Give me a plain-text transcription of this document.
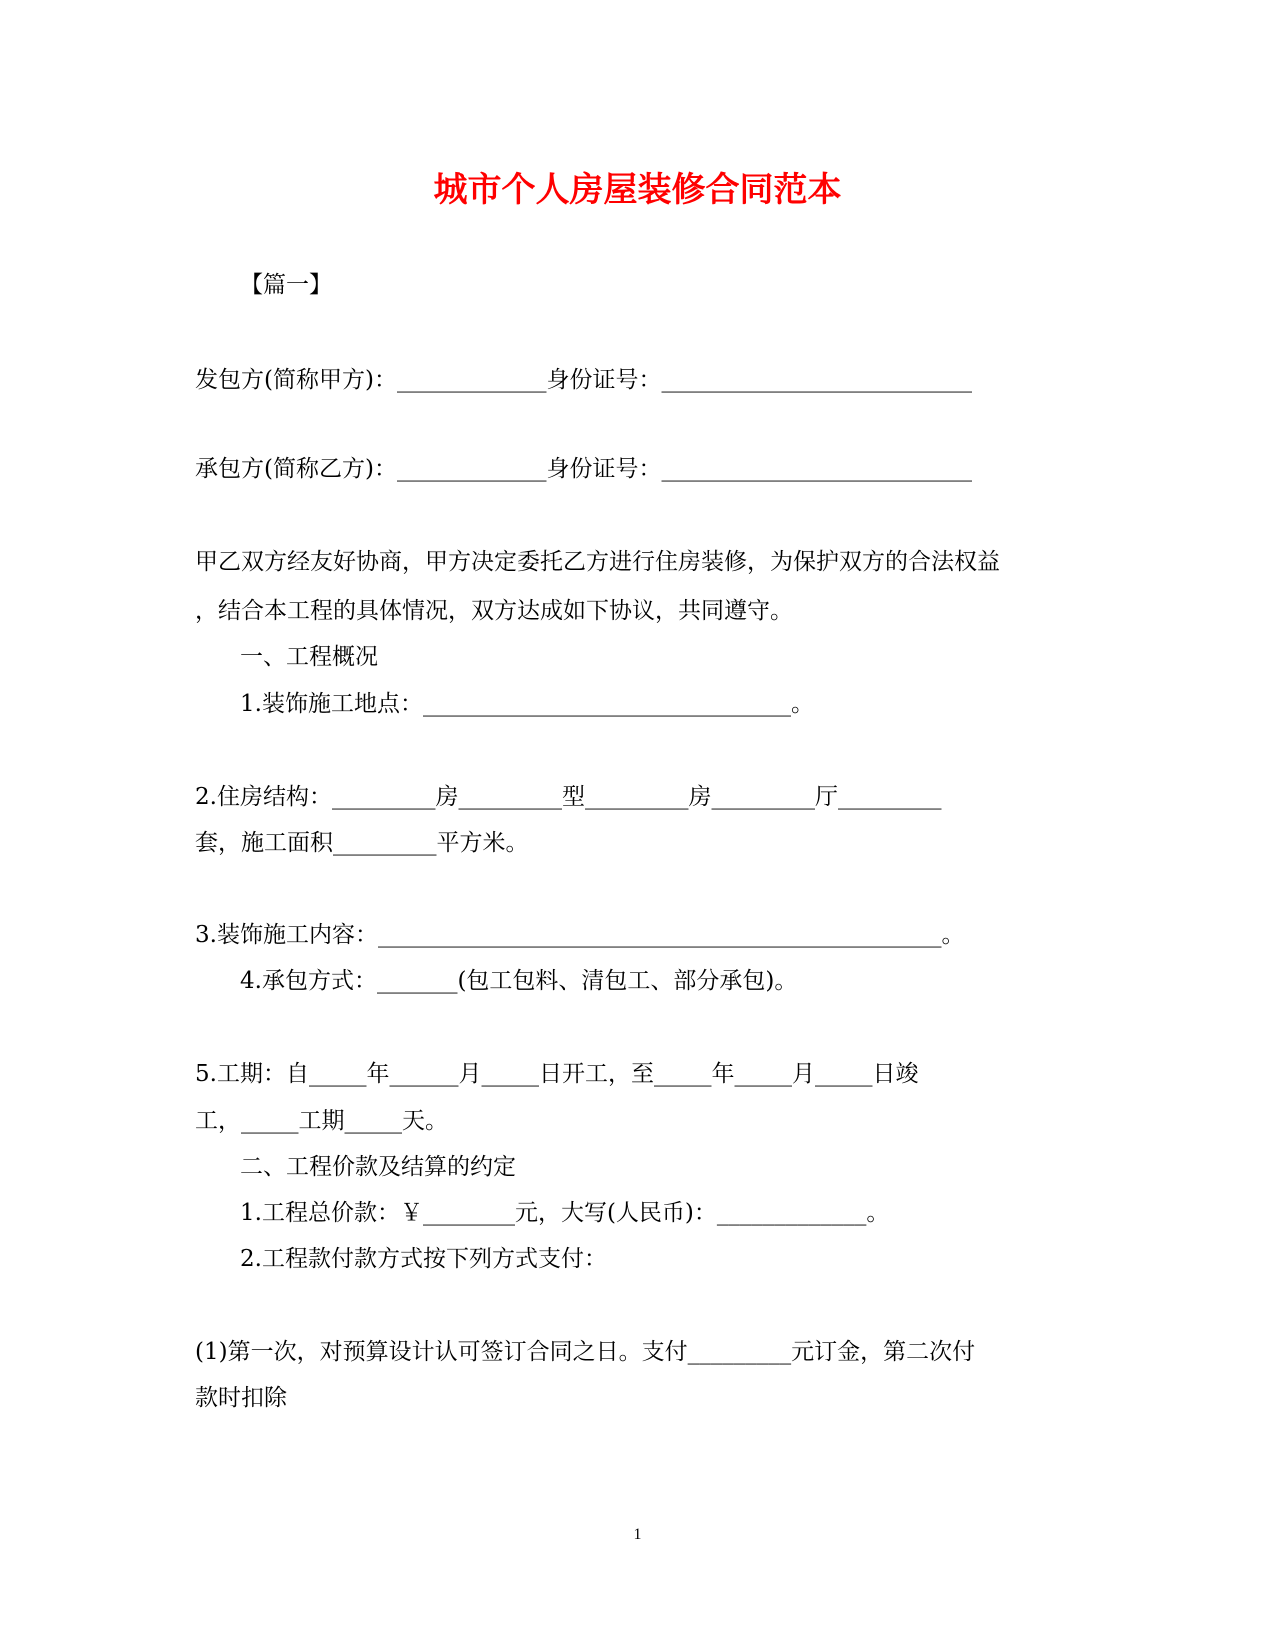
城市个人房屋装修合同范本
【篇一】
发包方(简称甲方)：_____________身份证号：___________________________
承包方(简称乙方)：_____________身份证号：___________________________
甲乙双方经友好协商，甲方决定委托乙方进行住房装修，为保护双方的合法权益
，结合本工程的具体情况，双方达成如下协议，共同遵守。
一、工程概况
1.装饰施工地点：________________________________。
2.住房结构：_________房_________型_________房_________厅_________
套，施工面积_________平方米。
3.装饰施工内容：_________________________________________________。
4.承包方式：_______(包工包料、清包工、部分承包)。
5.工期：自_____年______月_____日开工，至_____年_____月_____日竣
工，_____工期_____天。
二、工程价款及结算的约定
1.工程总价款：￥________元，大写(人民币)：_____________。
2.工程款付款方式按下列方式支付：
(1)第一次，对预算设计认可签订合同之日。支付_________元订金，第二次付
款时扣除
1
